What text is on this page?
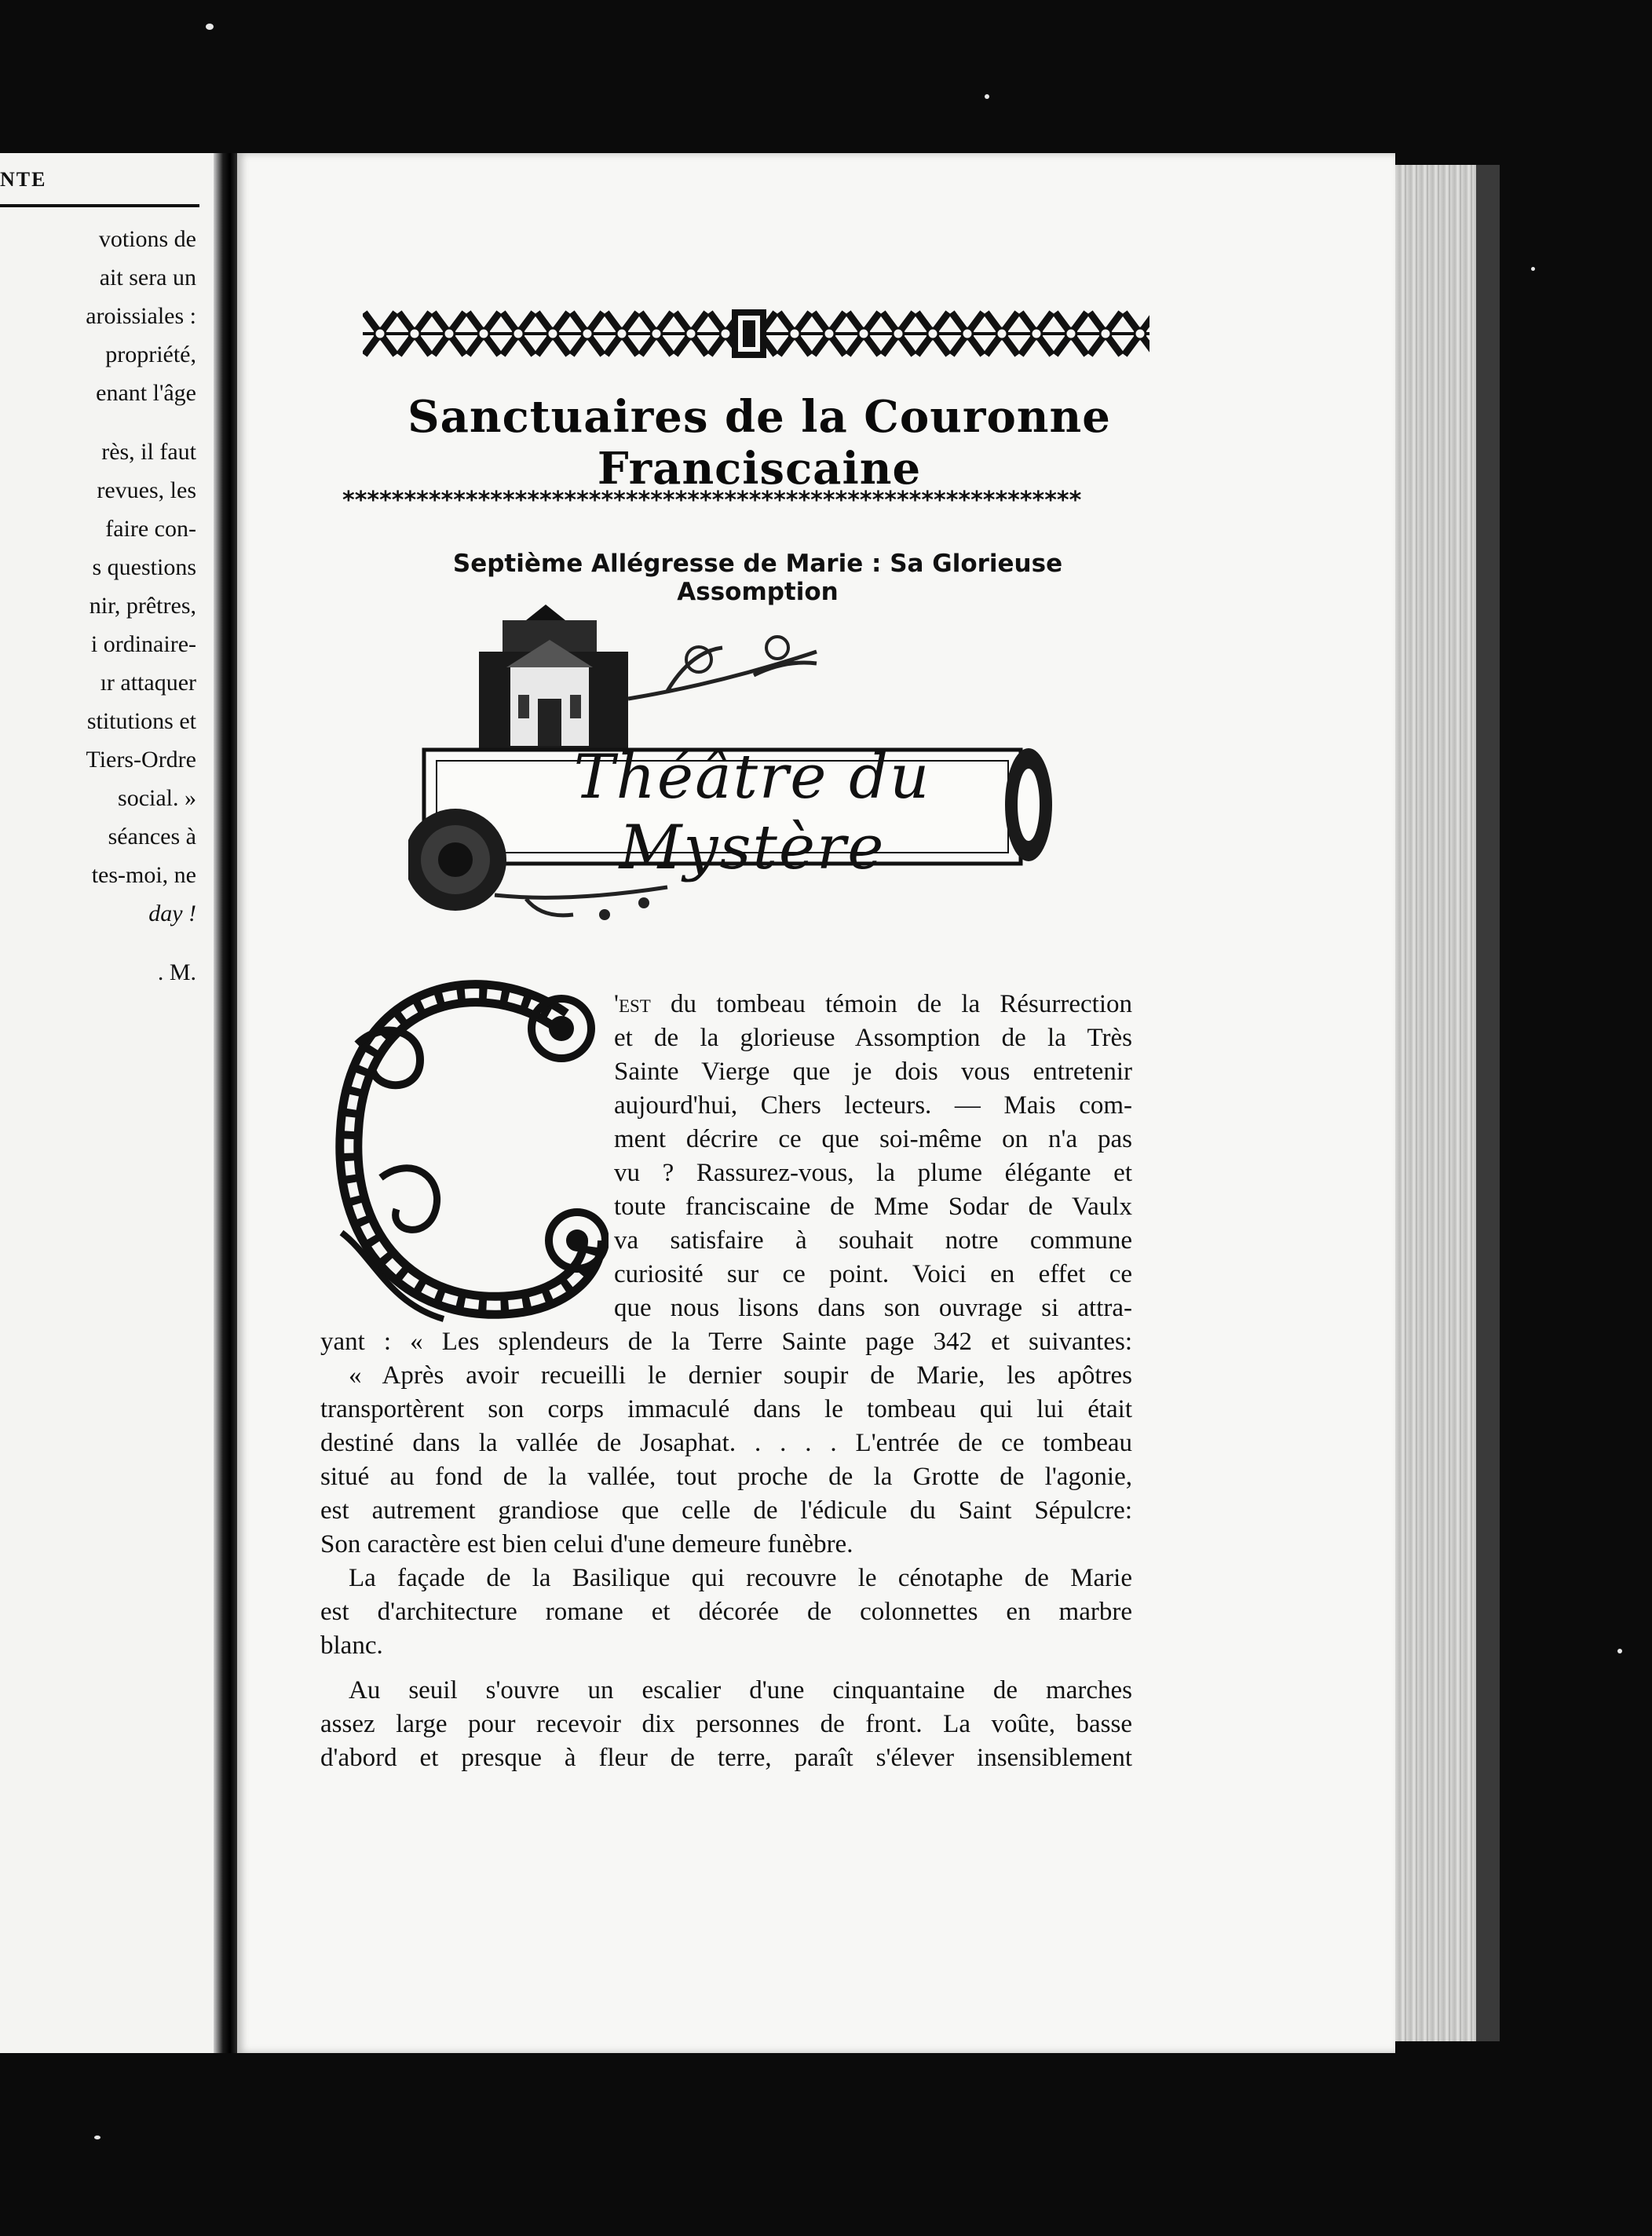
NTE
votions de
ait sera un
aroissiales :
propriété,
enant l'âge
rès, il faut
revues, les
faire con-
s questions
nir, prêtres,
i ordinaire-
ır attaquer
stitutions et
Tiers-Ordre
social. »
séances à
tes-moi, ne
day !
. M.
Sanctuaires de la Couronne Franciscaine
************************************************************
Septième Allégresse de Marie : Sa Glorieuse Assomption
Théâtre du Mystère
'est du tombeau témoin de la Résurrection
et de la glorieuse Assomption de la Très
Sainte Vierge que je dois vous entretenir
aujourd'hui, Chers lecteurs. — Mais com-
ment décrire ce que soi-même on n'a pas
vu ? Rassurez-vous, la plume élégante et
toute franciscaine de Mme Sodar de Vaulx
va satisfaire à souhait notre commune
curiosité sur ce point. Voici en effet ce
que nous lisons dans son ouvrage si attra-
yant : « Les splendeurs de la Terre Sainte page 342 et suivantes:
« Après avoir recueilli le dernier soupir de Marie, les apôtres
transportèrent son corps immaculé dans le tombeau qui lui était
destiné dans la vallée de Josaphat. . . . . L'entrée de ce tombeau
situé au fond de la vallée, tout proche de la Grotte de l'agonie,
est autrement grandiose que celle de l'édicule du Saint Sépulcre:
Son caractère est bien celui d'une demeure funèbre.
La façade de la Basilique qui recouvre le cénotaphe de Marie
est d'architecture romane et décorée de colonnettes en marbre
blanc.
Au seuil s'ouvre un escalier d'une cinquantaine de marches
assez large pour recevoir dix personnes de front. La voûte, basse
d'abord et presque à fleur de terre, paraît s'élever insensiblement
